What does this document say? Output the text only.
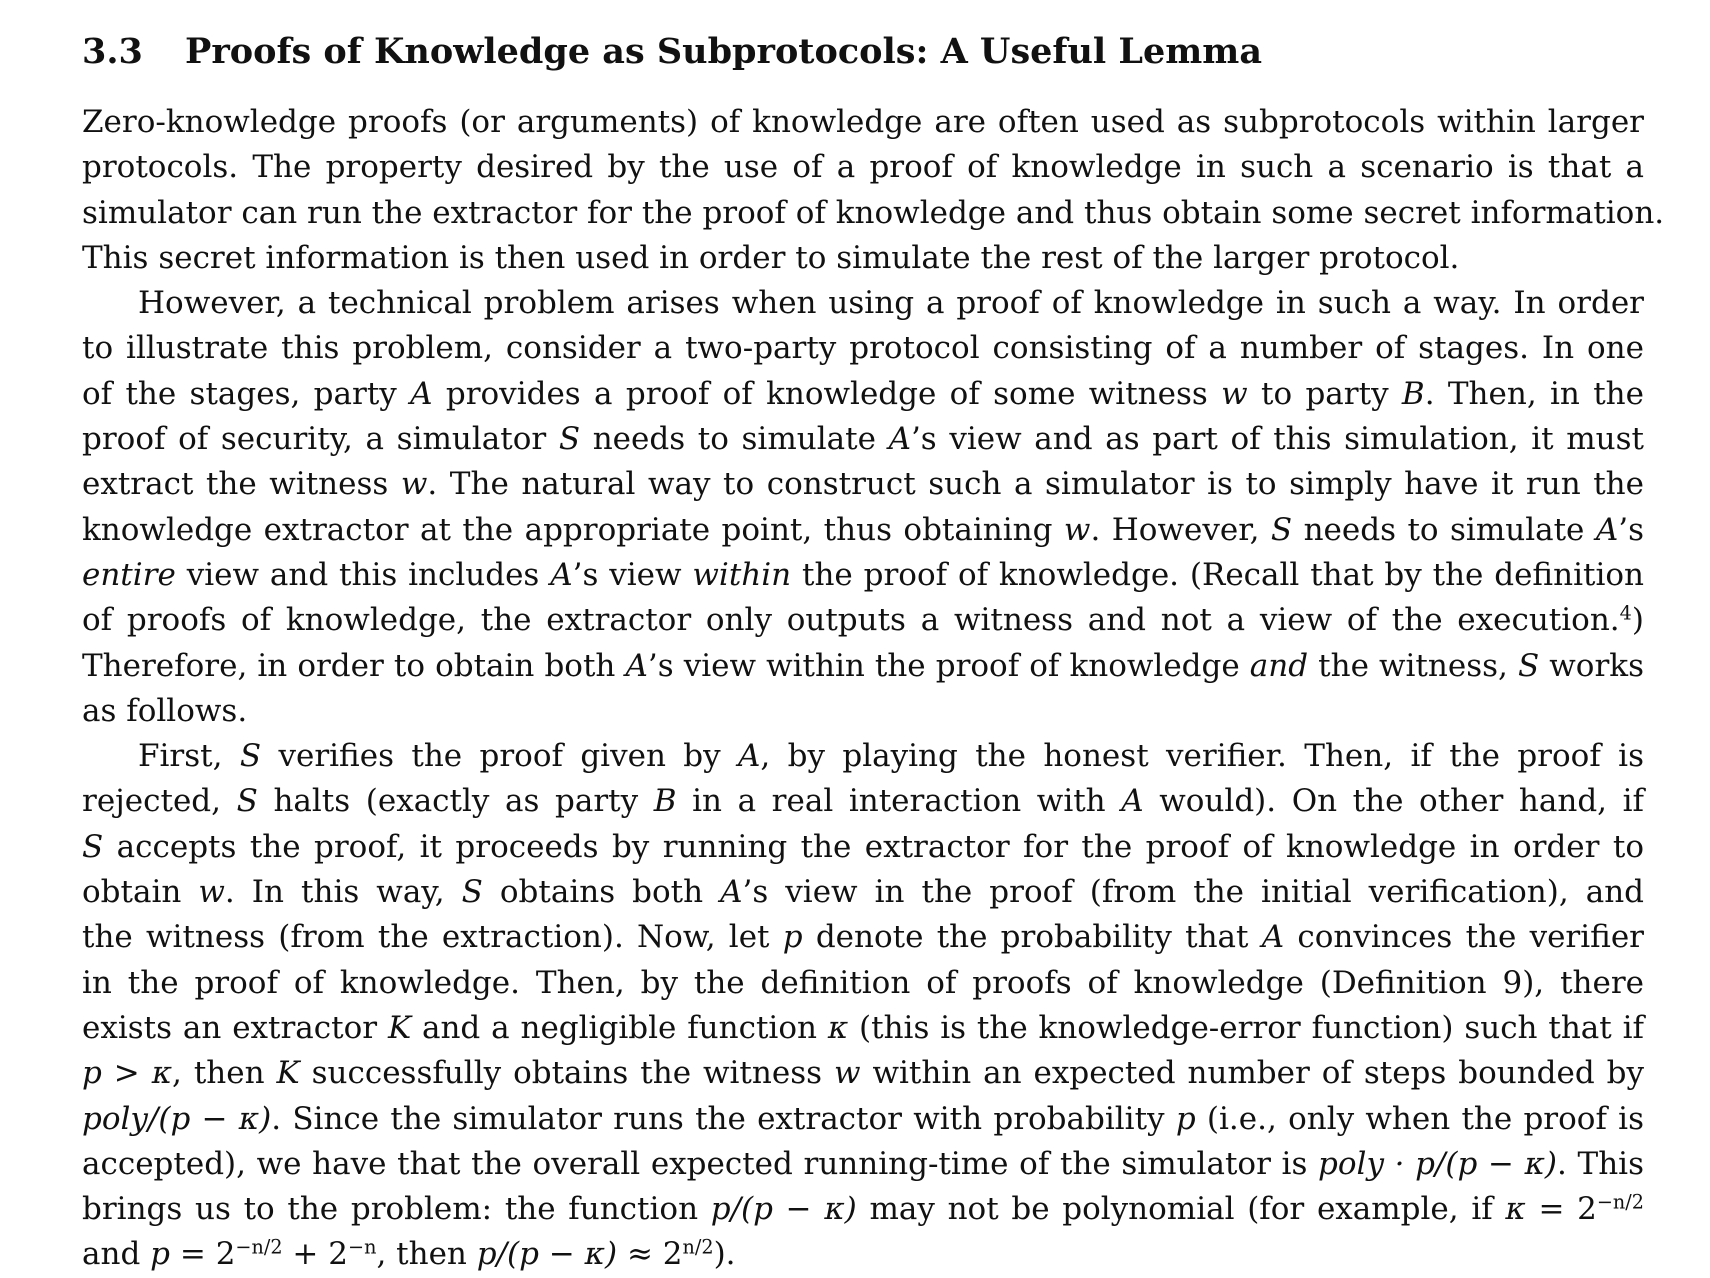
3.3 Proofs of Knowledge as Subprotocols: A Useful Lemma
Zero-knowledge proofs (or arguments) of knowledge are often used as subprotocols within larger
protocols. The property desired by the use of a proof of knowledge in such a scenario is that a
simulator can run the extractor for the proof of knowledge and thus obtain some secret information.
This secret information is then used in order to simulate the rest of the larger protocol.
However, a technical problem arises when using a proof of knowledge in such a way. In order
to illustrate this problem, consider a two-party protocol consisting of a number of stages. In one
of the stages, party A provides a proof of knowledge of some witness w to party B. Then, in the
proof of security, a simulator S needs to simulate A’s view and as part of this simulation, it must
extract the witness w. The natural way to construct such a simulator is to simply have it run the
knowledge extractor at the appropriate point, thus obtaining w. However, S needs to simulate A’s
entire view and this includes A’s view within the proof of knowledge. (Recall that by the definition
of proofs of knowledge, the extractor only outputs a witness and not a view of the execution.$^4$)
Therefore, in order to obtain both A’s view within the proof of knowledge and the witness, S works
as follows.
First, S verifies the proof given by A, by playing the honest verifier. Then, if the proof is
rejected, S halts (exactly as party B in a real interaction with A would). On the other hand, if
S accepts the proof, it proceeds by running the extractor for the proof of knowledge in order to
obtain w. In this way, S obtains both A’s view in the proof (from the initial verification), and
the witness (from the extraction). Now, let p denote the probability that A convinces the verifier
in the proof of knowledge. Then, by the definition of proofs of knowledge (Definition 9), there
exists an extractor K and a negligible function κ (this is the knowledge-error function) such that if
p > κ, then K successfully obtains the witness w within an expected number of steps bounded by
poly/(p − κ). Since the simulator runs the extractor with probability p (i.e., only when the proof is
accepted), we have that the overall expected running-time of the simulator is poly · p/(p − κ). This
brings us to the problem: the function p/(p − κ) may not be polynomial (for example, if $\kappa = 2^{-n/2}$
and $p = 2^{-n/2} + 2^{-n}$, then $p/(p - \kappa) \approx 2^{n/2}$).
